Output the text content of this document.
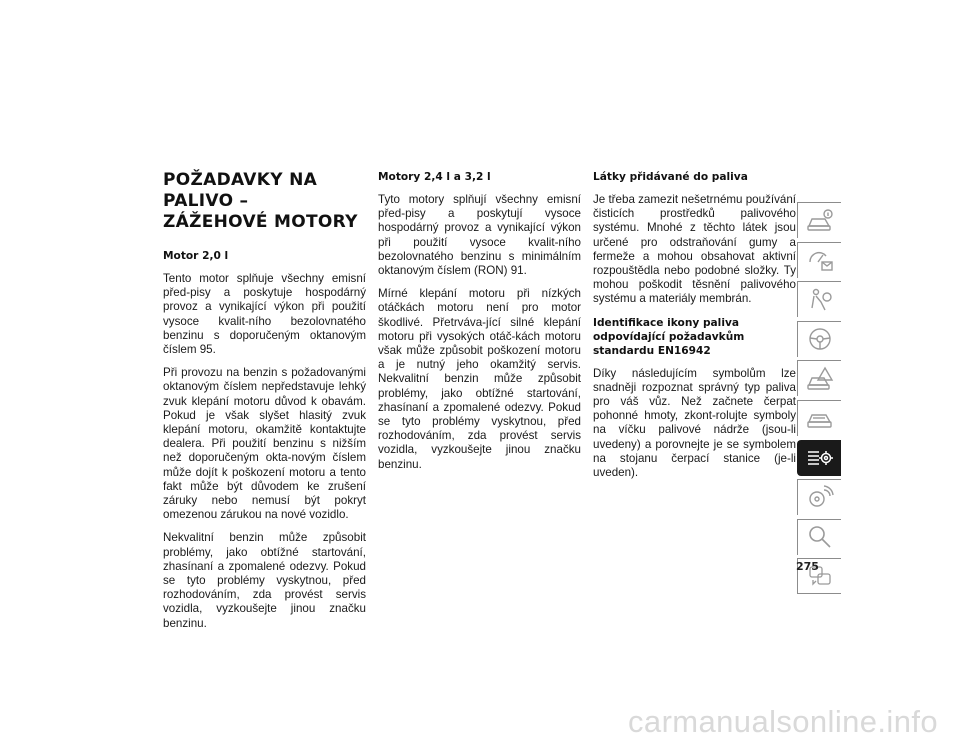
POŽADAVKY NA PALIVO –
ZÁŽEHOVÉ MOTORY
Motor 2,0 l

Tento motor splňuje všechny emisní před-pisy a poskytuje hospodárný provoz a vynikající výkon při použití vysoce kvalit-ního bezolovnatého benzinu s doporučeným oktanovým číslem 95.

Při provozu na benzin s požadovanými oktanovým číslem nepředstavuje lehký zvuk klepání motoru důvod k obavám. Pokud je však slyšet hlasitý zvuk klepání motoru, okamžitě kontaktujte dealera. Při použití benzinu s nižším než doporučeným okta-novým číslem může dojít k poškození motoru a tento fakt může být důvodem ke zrušení záruky nebo nemusí být pokryt omezenou zárukou na nové vozidlo.

Nekvalitní benzin může způsobit problémy, jako obtížné startování, zhasínaní a zpomalené odezvy. Pokud se tyto problémy vyskytnou, před rozhodováním, zda provést servis vozidla, vyzkoušejte jinou značku benzinu.

Motory 2,4 l a 3,2 l

Tyto motory splňují všechny emisní před-pisy a poskytují vysoce hospodárný provoz a vynikající výkon při použití vysoce kvalit-ního bezolovnatého benzinu s minimálním oktanovým číslem (RON) 91.

Mírné klepání motoru při nízkých otáčkách motoru není pro motor škodlivé. Přetrváva-jící silné klepání motoru při vysokých otáč-kách motoru však může způsobit poškození motoru a je nutný jeho okamžitý servis. Nekvalitní benzin může způsobit problémy, jako obtížné startování, zhasínaní a zpomalené odezvy. Pokud se tyto problémy vyskytnou, před rozhodováním, zda provést servis vozidla, vyzkoušejte jinou značku benzinu.

Látky přidávané do paliva

Je třeba zamezit nešetrnému používání čisticích prostředků palivového systému. Mnohé z těchto látek jsou určené pro odstraňování gumy a fermeže a mohou obsahovat aktivní rozpouštědla nebo podobné složky. Ty mohou poškodit těsnění palivového systému a materiály membrán.

Identifikace ikony paliva odpovídající požadavkům standardu EN16942

Díky následujícím symbolům lze snadněji rozpoznat správný typ paliva pro váš vůz. Než začnete čerpat pohonné hmoty, zkont-rolujte symboly na víčku palivové nádrže (jsou-li uvedeny) a porovnejte je se symbolem na stojanu čerpací stanice (je-li uveden).

275
carmanualsonline.info
